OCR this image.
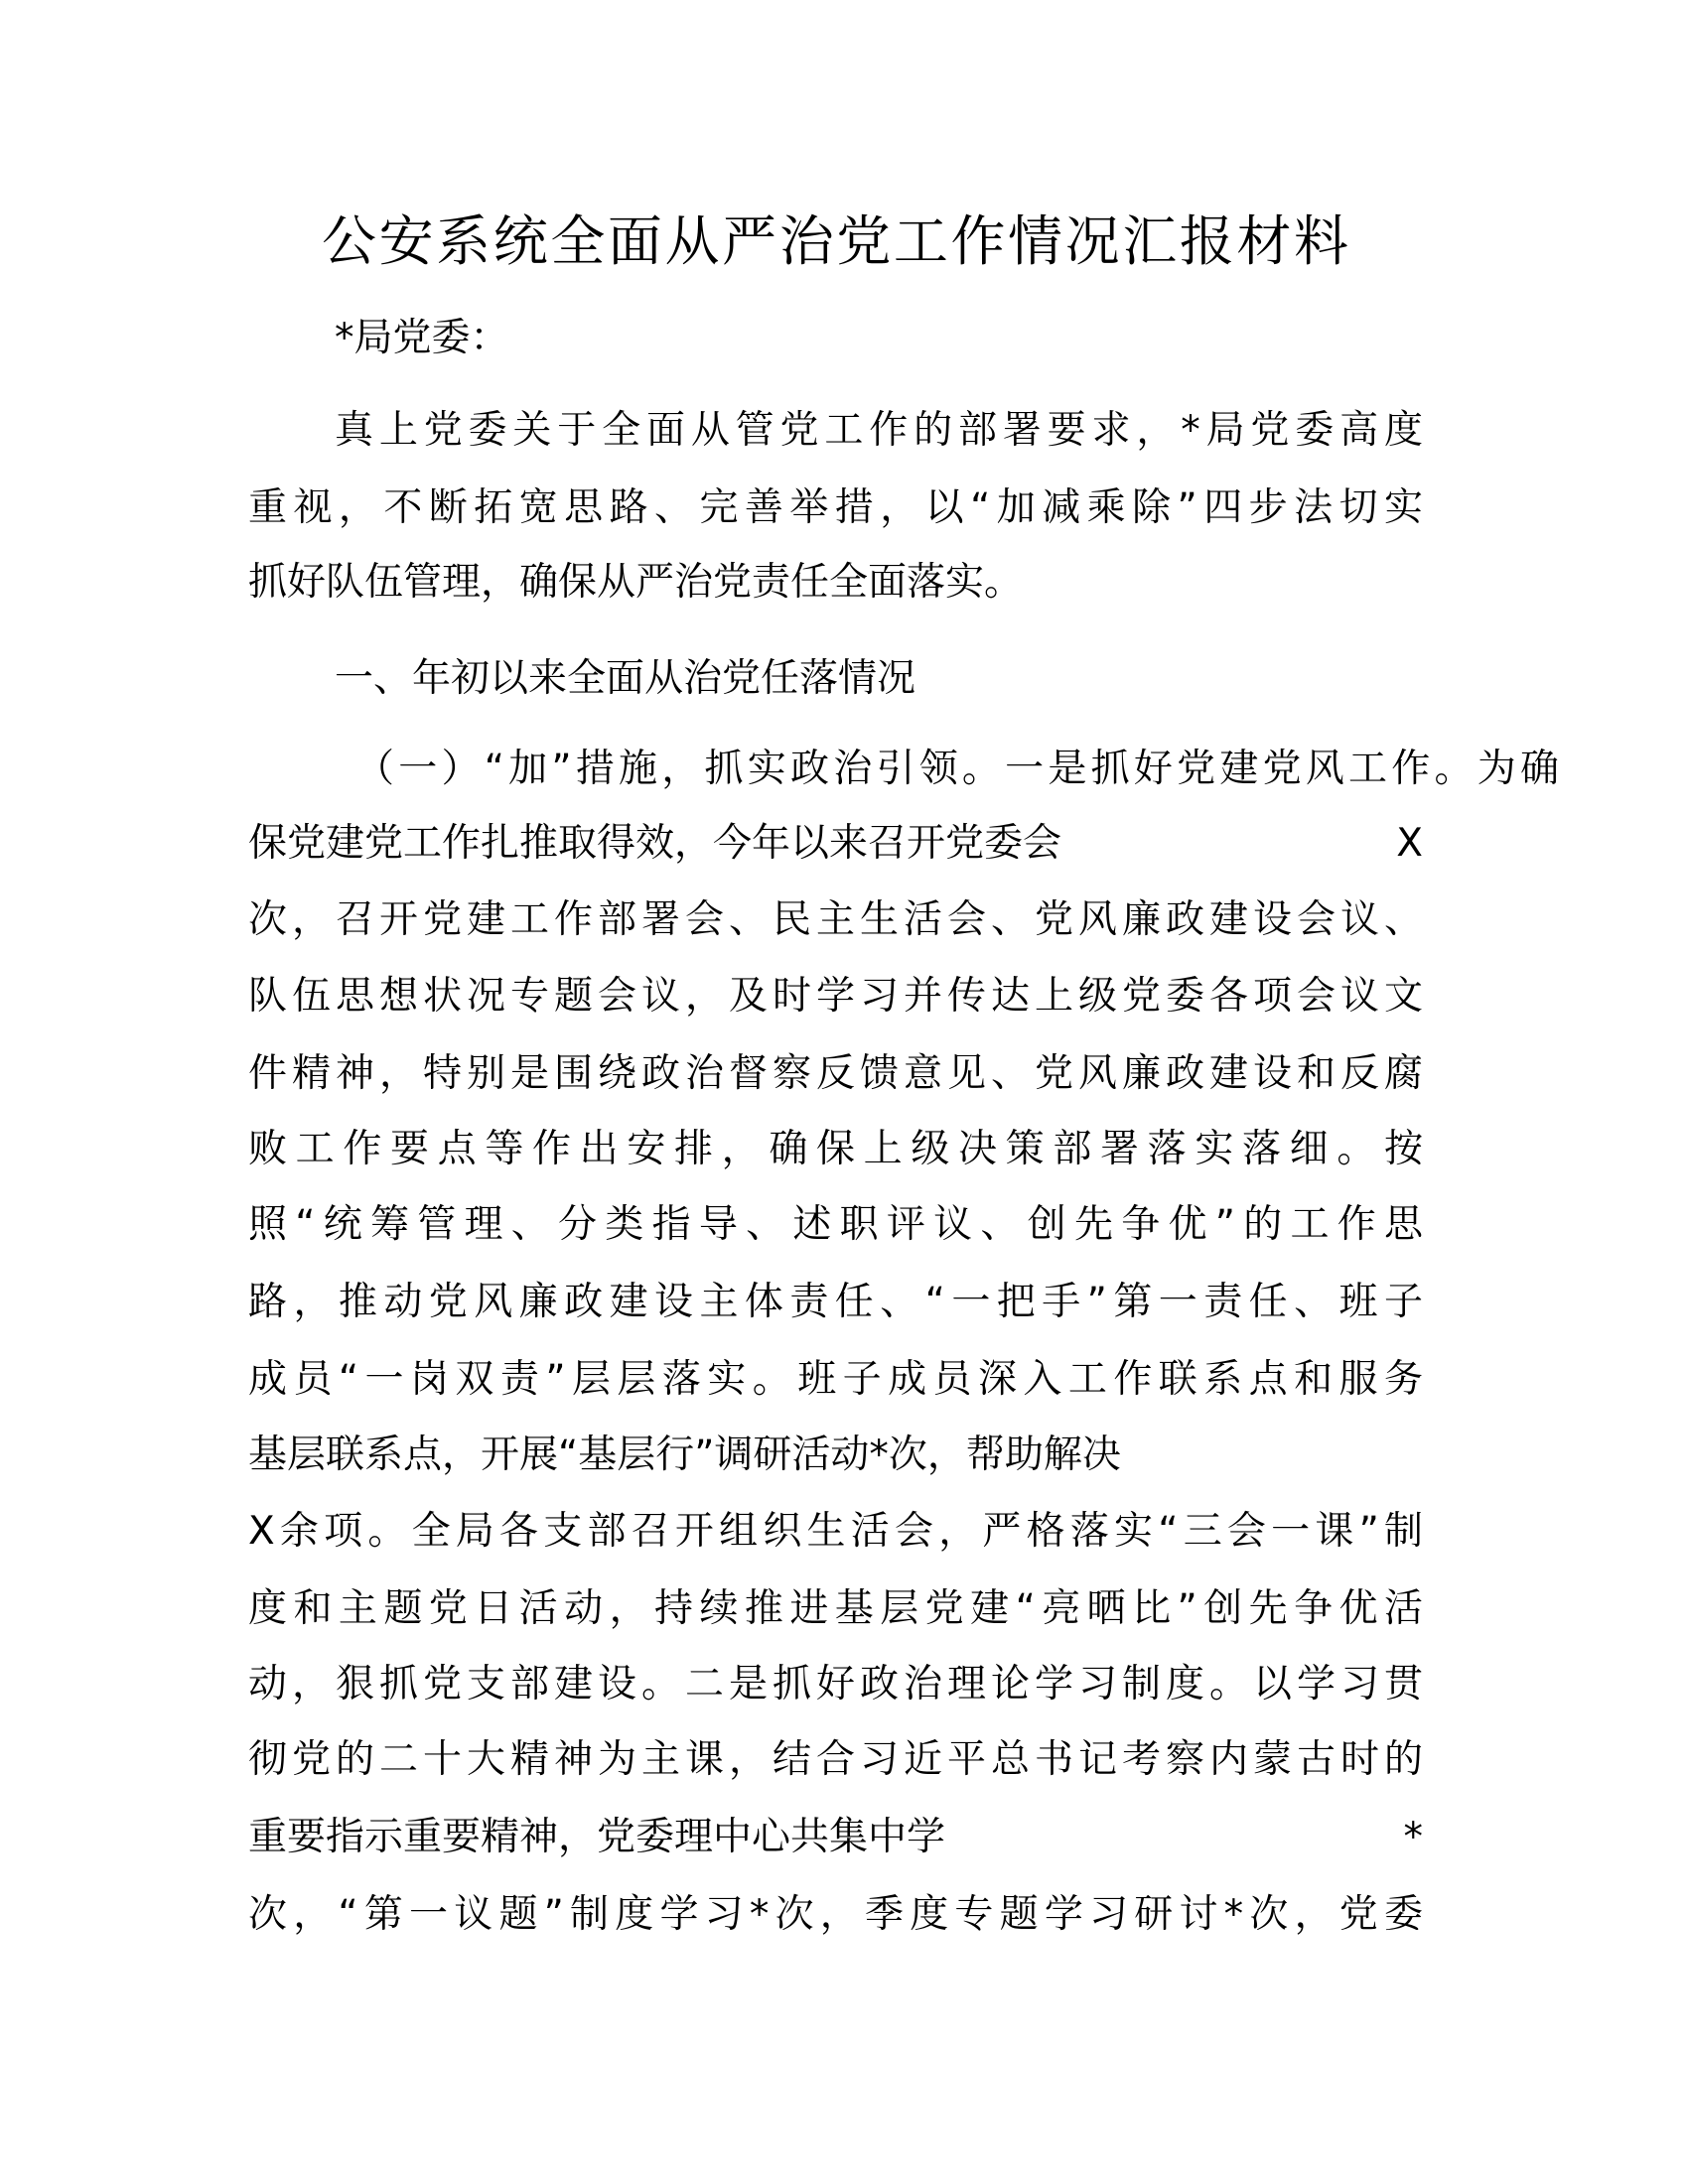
公安系统全面从严治党工作情况汇报材料
*局党委：
真上党委关于全面从管党工作的部署要求，*局党委高度
重视，不断拓宽思路、完善举措，以“加减乘除”四步法切实
抓好队伍管理，确保从严治党责任全面落实。
一、年初以来全面从治党任落情况
（一）“加”措施，抓实政治引领。一是抓好党建党风工作。为确
保党建党工作扎推取得效，今年以来召开党委会	X
次，召开党建工作部署会、民主生活会、党风廉政建设会议、
队伍思想状况专题会议，及时学习并传达上级党委各项会议文
件精神，特别是围绕政治督察反馈意见、党风廉政建设和反腐
败工作要点等作出安排，确保上级决策部署落实落细。按
照“统筹管理、分类指导、述职评议、创先争优”的工作思
路，推动党风廉政建设主体责任、“一把手”第一责任、班子
成员“一岗双责”层层落实。班子成员深入工作联系点和服务
基层联系点，开展“基层行”调研活动*次，帮助解决
X余项。全局各支部召开组织生活会，严格落实“三会一课”制
度和主题党日活动，持续推进基层党建“亮晒比”创先争优活
动，狠抓党支部建设。二是抓好政治理论学习制度。以学习贯
彻党的二十大精神为主课，结合习近平总书记考察内蒙古时的
重要指示重要精神，党委理中心共集中学	*
次，“第一议题”制度学习*次，季度专题学习研讨*次，党委
